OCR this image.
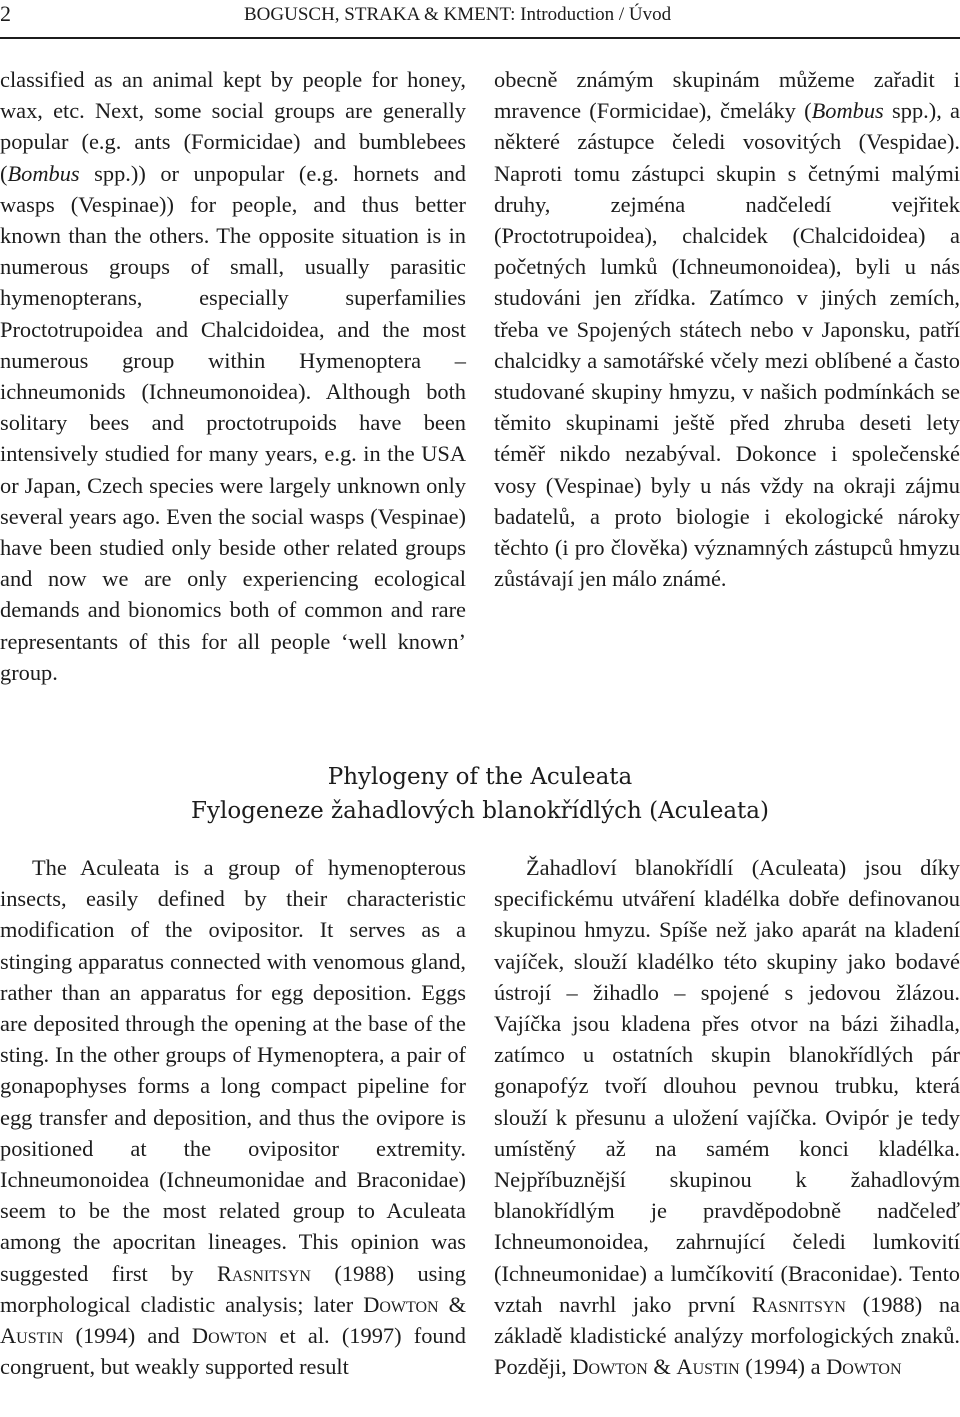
2	BOGUSCH, STRAKA & KMENT: Introduction / Úvod

classified as an animal kept by people for honey, wax, etc. Next, some social groups are generally popular (e.g. ants (Formicidae) and bumblebees (Bombus spp.)) or unpopular (e.g. hornets and wasps (Vespinae)) for people, and thus better known than the others. The opposite situation is in numerous groups of small, usually parasitic hymenopterans, especially superfamilies Proctotrupoidea and Chalcidoidea, and the most numerous group within Hymenoptera – ichneumonids (Ichneumonoidea). Although both solitary bees and proctotrupoids have been intensively studied for many years, e.g. in the USA or Japan, Czech species were largely unknown only several years ago. Even the social wasps (Vespinae) have been studied only beside other related groups and now we are only experiencing ecological demands and bionomics both of common and rare representants of this for all people ‘well known’ group.

obecně známým skupinám můžeme zařadit i mravence (Formicidae), čmeláky (Bombus spp.), a některé zástupce čeledi vosovitých (Vespidae). Naproti tomu zástupci skupin s četnými malými druhy, zejména nadčeledí vejřitek (Proctotrupoidea), chalcidek (Chalcidoidea) a početných lumků (Ichneumonoidea), byli u nás studováni jen zřídka. Zatímco v jiných zemích, třeba ve Spojených státech nebo v Japonsku, patří chalcidky a samotářské včely mezi oblíbené a často studované skupiny hmyzu, v našich podmínkách se těmito skupinami ještě před zhruba deseti lety téměř nikdo nezabýval. Dokonce i společenské vosy (Vespinae) byly u nás vždy na okraji zájmu badatelů, a proto biologie i ekologické nároky těchto (i pro člověka) významných zástupců hmyzu zůstávají jen málo známé.

Phylogeny of the Aculeata
Fylogeneze žahadlových blanokřídlých (Aculeata)

The Aculeata is a group of hymenopterous insects, easily defined by their characteristic modification of the ovipositor. It serves as a stinging apparatus connected with venomous gland, rather than an apparatus for egg deposition. Eggs are deposited through the opening at the base of the sting. In the other groups of Hymenoptera, a pair of gonapophyses forms a long compact pipeline for egg transfer and deposition, and thus the ovipore is positioned at the ovipositor extremity. Ichneumonoidea (Ichneumonidae and Braconidae) seem to be the most related group to Aculeata among the apocritan lineages. This opinion was suggested first by Rasnitsyn (1988) using morphological cladistic analysis; later Dowton & Austin (1994) and Dowton et al. (1997) found congruent, but weakly supported result

Žahadloví blanokřídlí (Aculeata) jsou díky specifickému utváření kladélka dobře definovanou skupinou hmyzu. Spíše než jako aparát na kladení vajíček, slouží kladélko této skupiny jako bodavé ústrojí – žihadlo – spojené s jedovou žlázou. Vajíčka jsou kladena přes otvor na bázi žihadla, zatímco u ostatních skupin blanokřídlých pár gonapofýz tvoří dlouhou pevnou trubku, která slouží k přesunu a uložení vajíčka. Ovipór je tedy umístěný až na samém konci kladélka. Nejpříbuznější skupinou k žahadlovým blanokřídlým je pravděpodobně nadčeleď Ichneumonoidea, zahrnující čeledi lumkovití (Ichneumonidae) a lumčíkovití (Braconidae). Tento vztah navrhl jako první Rasnitsyn (1988) na základě kladistické analýzy morfologických znaků. Později, Dowton & Austin (1994) a Dowton
